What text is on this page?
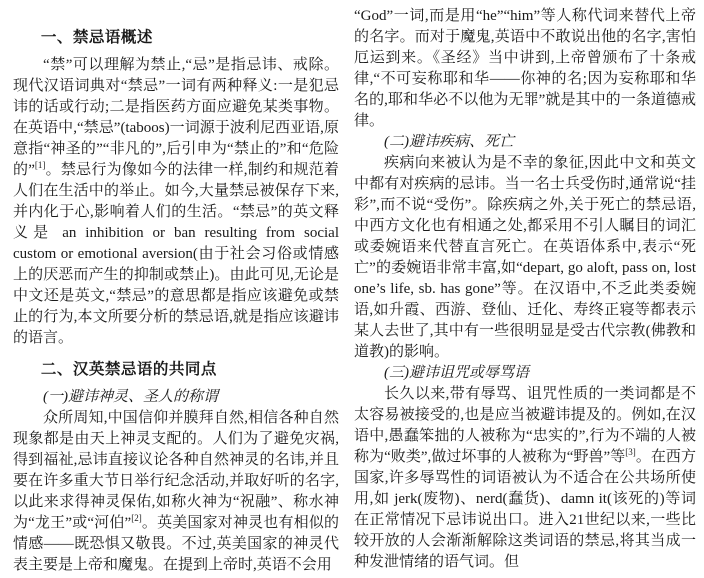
一、禁忌语概述

“禁”可以理解为禁止,“忌”是指忌讳、戒除。现代汉语词典对“禁忌”一词有两种释义:一是犯忌讳的话或行动;二是指医药方面应避免某类事物。在英语中,“禁忌”(taboos)一词源于波利尼西亚语,原意指“神圣的”“非凡的”,后引申为“禁止的”和“危险的”[1]。禁忌行为像如今的法律一样,制约和规范着人们在生活中的举止。如今,大量禁忌被保存下来,并内化于心,影响着人们的生活。“禁忌”的英文释义是 an inhibition or ban resulting from social custom or emotional aversion(由于社会习俗或情感上的厌恶而产生的抑制或禁止)。由此可见,无论是中文还是英文,“禁忌”的意思都是指应该避免或禁止的行为,本文所要分析的禁忌语,就是指应该避讳的语言。

二、汉英禁忌语的共同点
(一)避讳神灵、圣人的称谓

众所周知,中国信仰并膜拜自然,相信各种自然现象都是由天上神灵支配的。人们为了避免灾祸,得到福祉,忌讳直接议论各种自然神灵的名讳,并且要在许多重大节日举行纪念活动,并取好听的名字,以此来求得神灵保佑,如称火神为“祝融”、称水神为“龙王”或“河伯”[2]。英美国家对神灵也有相似的情感——既恐惧又敬畏。不过,英美国家的神灵代表主要是上帝和魔鬼。在提到上帝时,英语不会用

“God”一词,而是用“he”“him”等人称代词来替代上帝的名字。而对于魔鬼,英语中不敢说出他的名字,害怕厄运到来。《圣经》当中讲到,上帝曾颁布了十条戒律,“不可妄称耶和华——你神的名;因为妄称耶和华名的,耶和华必不以他为无罪”就是其中的一条道德戒律。

(二)避讳疾病、死亡

疾病向来被认为是不幸的象征,因此中文和英文中都有对疾病的忌讳。当一名士兵受伤时,通常说“挂彩”,而不说“受伤”。除疾病之外,关于死亡的禁忌语,中西方文化也有相通之处,都采用不引人瞩目的词汇或委婉语来代替直言死亡。在英语体系中,表示“死亡”的委婉语非常丰富,如“depart, go aloft, pass on, lost one’s life, sb. has gone”等。在汉语中,不乏此类委婉语,如升霞、西游、登仙、迁化、寿终正寝等都表示某人去世了,其中有一些很明显是受古代宗教(佛教和道教)的影响。

(三)避讳诅咒或辱骂语

长久以来,带有辱骂、诅咒性质的一类词都是不太容易被接受的,也是应当被避讳提及的。例如,在汉语中,愚蠢笨拙的人被称为“忠实的”,行为不端的人被称为“败类”,做过坏事的人被称为“野兽”等[3]。在西方国家,许多辱骂性的词语被认为不适合在公共场所使用,如 jerk(废物)、nerd(蠢货)、damn it(该死的)等词在正常情况下忌讳说出口。进入21世纪以来,一些比较开放的人会渐渐解除这类词语的禁忌,将其当成一种发泄情绪的语气词。但
